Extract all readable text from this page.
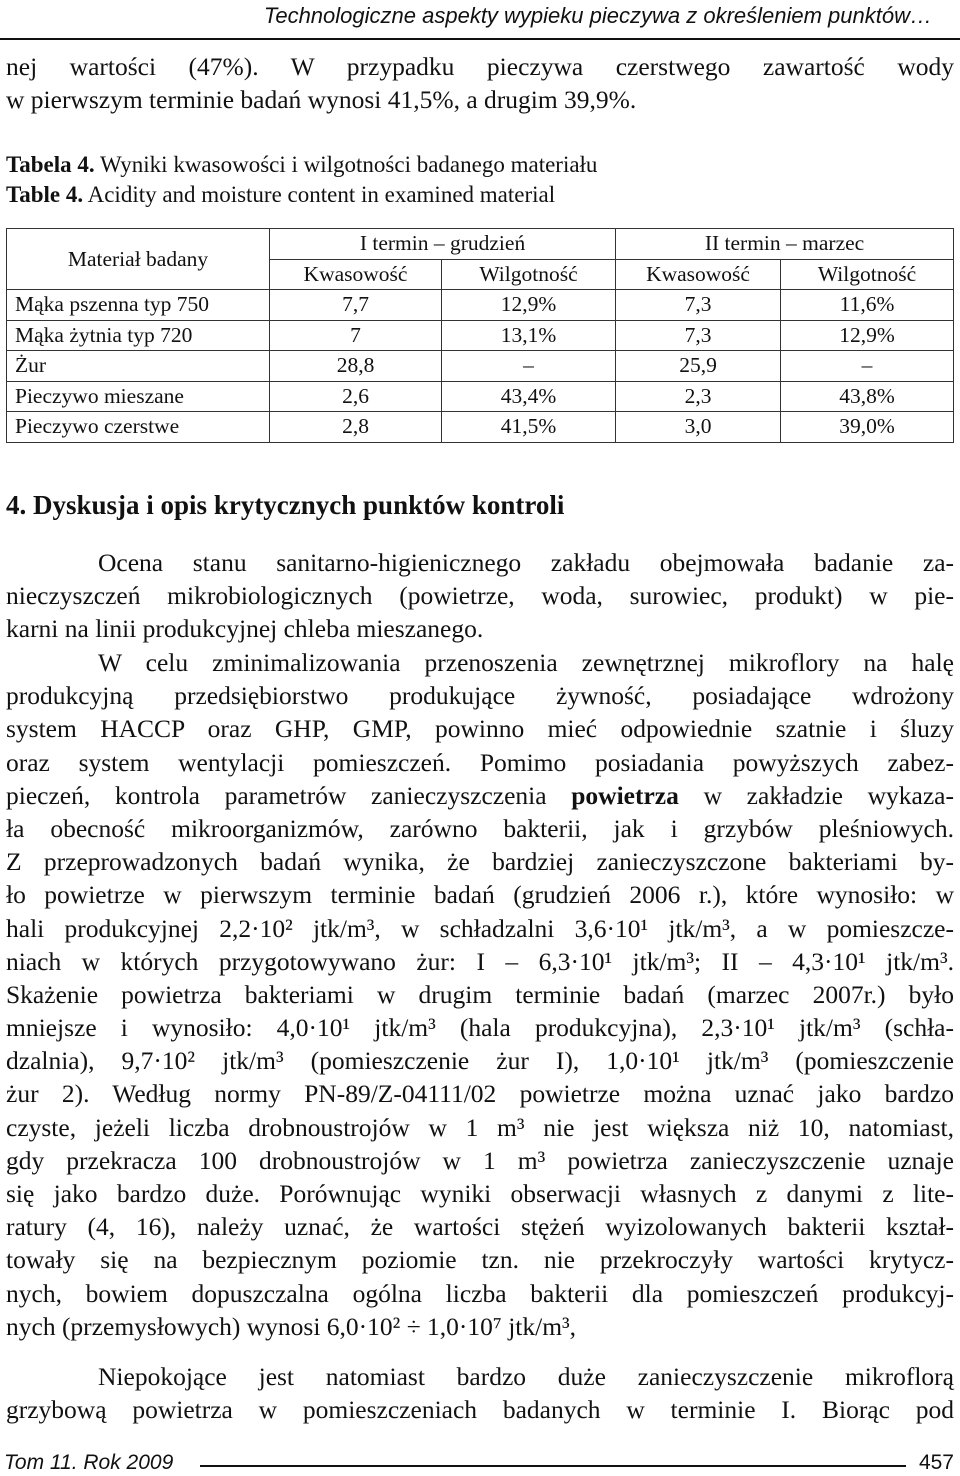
Technologiczne aspekty wypieku pieczywa z określeniem punktów…
nej wartości (47%). W przypadku pieczywa czerstwego zawartość wody
w pierwszym terminie badań wynosi 41,5%, a drugim 39,9%.
Tabela 4. Wyniki kwasowości i wilgotności badanego materiału
Table 4. Acidity and moisture content in examined material
Materiał badany	I termin – grudzień		II termin – marzec	
	Kwasowość	Wilgotność	Kwasowość	Wilgotność
Mąka pszenna typ 750	7,7	12,9%	7,3	11,6%
Mąka żytnia typ 720	7	13,1%	7,3	12,9%
Żur	28,8	–	25,9	–
Pieczywo mieszane	2,6	43,4%	2,3	43,8%
Pieczywo czerstwe	2,8	41,5%	3,0	39,0%
4. Dyskusja i opis krytycznych punktów kontroli
Ocena stanu sanitarno-higienicznego zakładu obejmowała badanie za-
nieczyszczeń mikrobiologicznych (powietrze, woda, surowiec, produkt) w pie-
karni na linii produkcyjnej chleba mieszanego.
W celu zminimalizowania przenoszenia zewnętrznej mikroflory na halę
produkcyjną przedsiębiorstwo produkujące żywność, posiadające wdrożony
system HACCP oraz GHP, GMP, powinno mieć odpowiednie szatnie i śluzy
oraz system wentylacji pomieszczeń. Pomimo posiadania powyższych zabez-
pieczeń, kontrola parametrów zanieczyszczenia powietrza w zakładzie wykaza-
ła obecność mikroorganizmów, zarówno bakterii, jak i grzybów pleśniowych.
Z przeprowadzonych badań wynika, że bardziej zanieczyszczone bakteriami by-
ło powietrze w pierwszym terminie badań (grudzień 2006 r.), które wynosiło: w
hali produkcyjnej 2,2·10² jtk/m³, w schładzalni 3,6·10¹ jtk/m³, a w pomieszcze-
niach w których przygotowywano żur: I – 6,3·10¹ jtk/m³; II – 4,3·10¹ jtk/m³.
Skażenie powietrza bakteriami w drugim terminie badań (marzec 2007r.) było
mniejsze i wynosiło: 4,0·10¹ jtk/m³ (hala produkcyjna), 2,3·10¹ jtk/m³ (schła-
dzalnia), 9,7·10² jtk/m³ (pomieszczenie żur I), 1,0·10¹ jtk/m³ (pomieszczenie
żur 2). Według normy PN-89/Z-04111/02 powietrze można uznać jako bardzo
czyste, jeżeli liczba drobnoustrojów w 1 m³ nie jest większa niż 10, natomiast,
gdy przekracza 100 drobnoustrojów w 1 m³ powietrza zanieczyszczenie uznaje
się jako bardzo duże. Porównując wyniki obserwacji własnych z danymi z lite-
ratury (4, 16), należy uznać, że wartości stężeń wyizolowanych bakterii kształ-
towały się na bezpiecznym poziomie tzn. nie przekroczyły wartości krytycz-
nych, bowiem dopuszczalna ogólna liczba bakterii dla pomieszczeń produkcyj-
nych (przemysłowych) wynosi 6,0·10² ÷ 1,0·10⁷ jtk/m³,
Niepokojące jest natomiast bardzo duże zanieczyszczenie mikroflorą
grzybową powietrza w pomieszczeniach badanych w terminie I. Biorąc pod
Tom 11. Rok 2009	457
